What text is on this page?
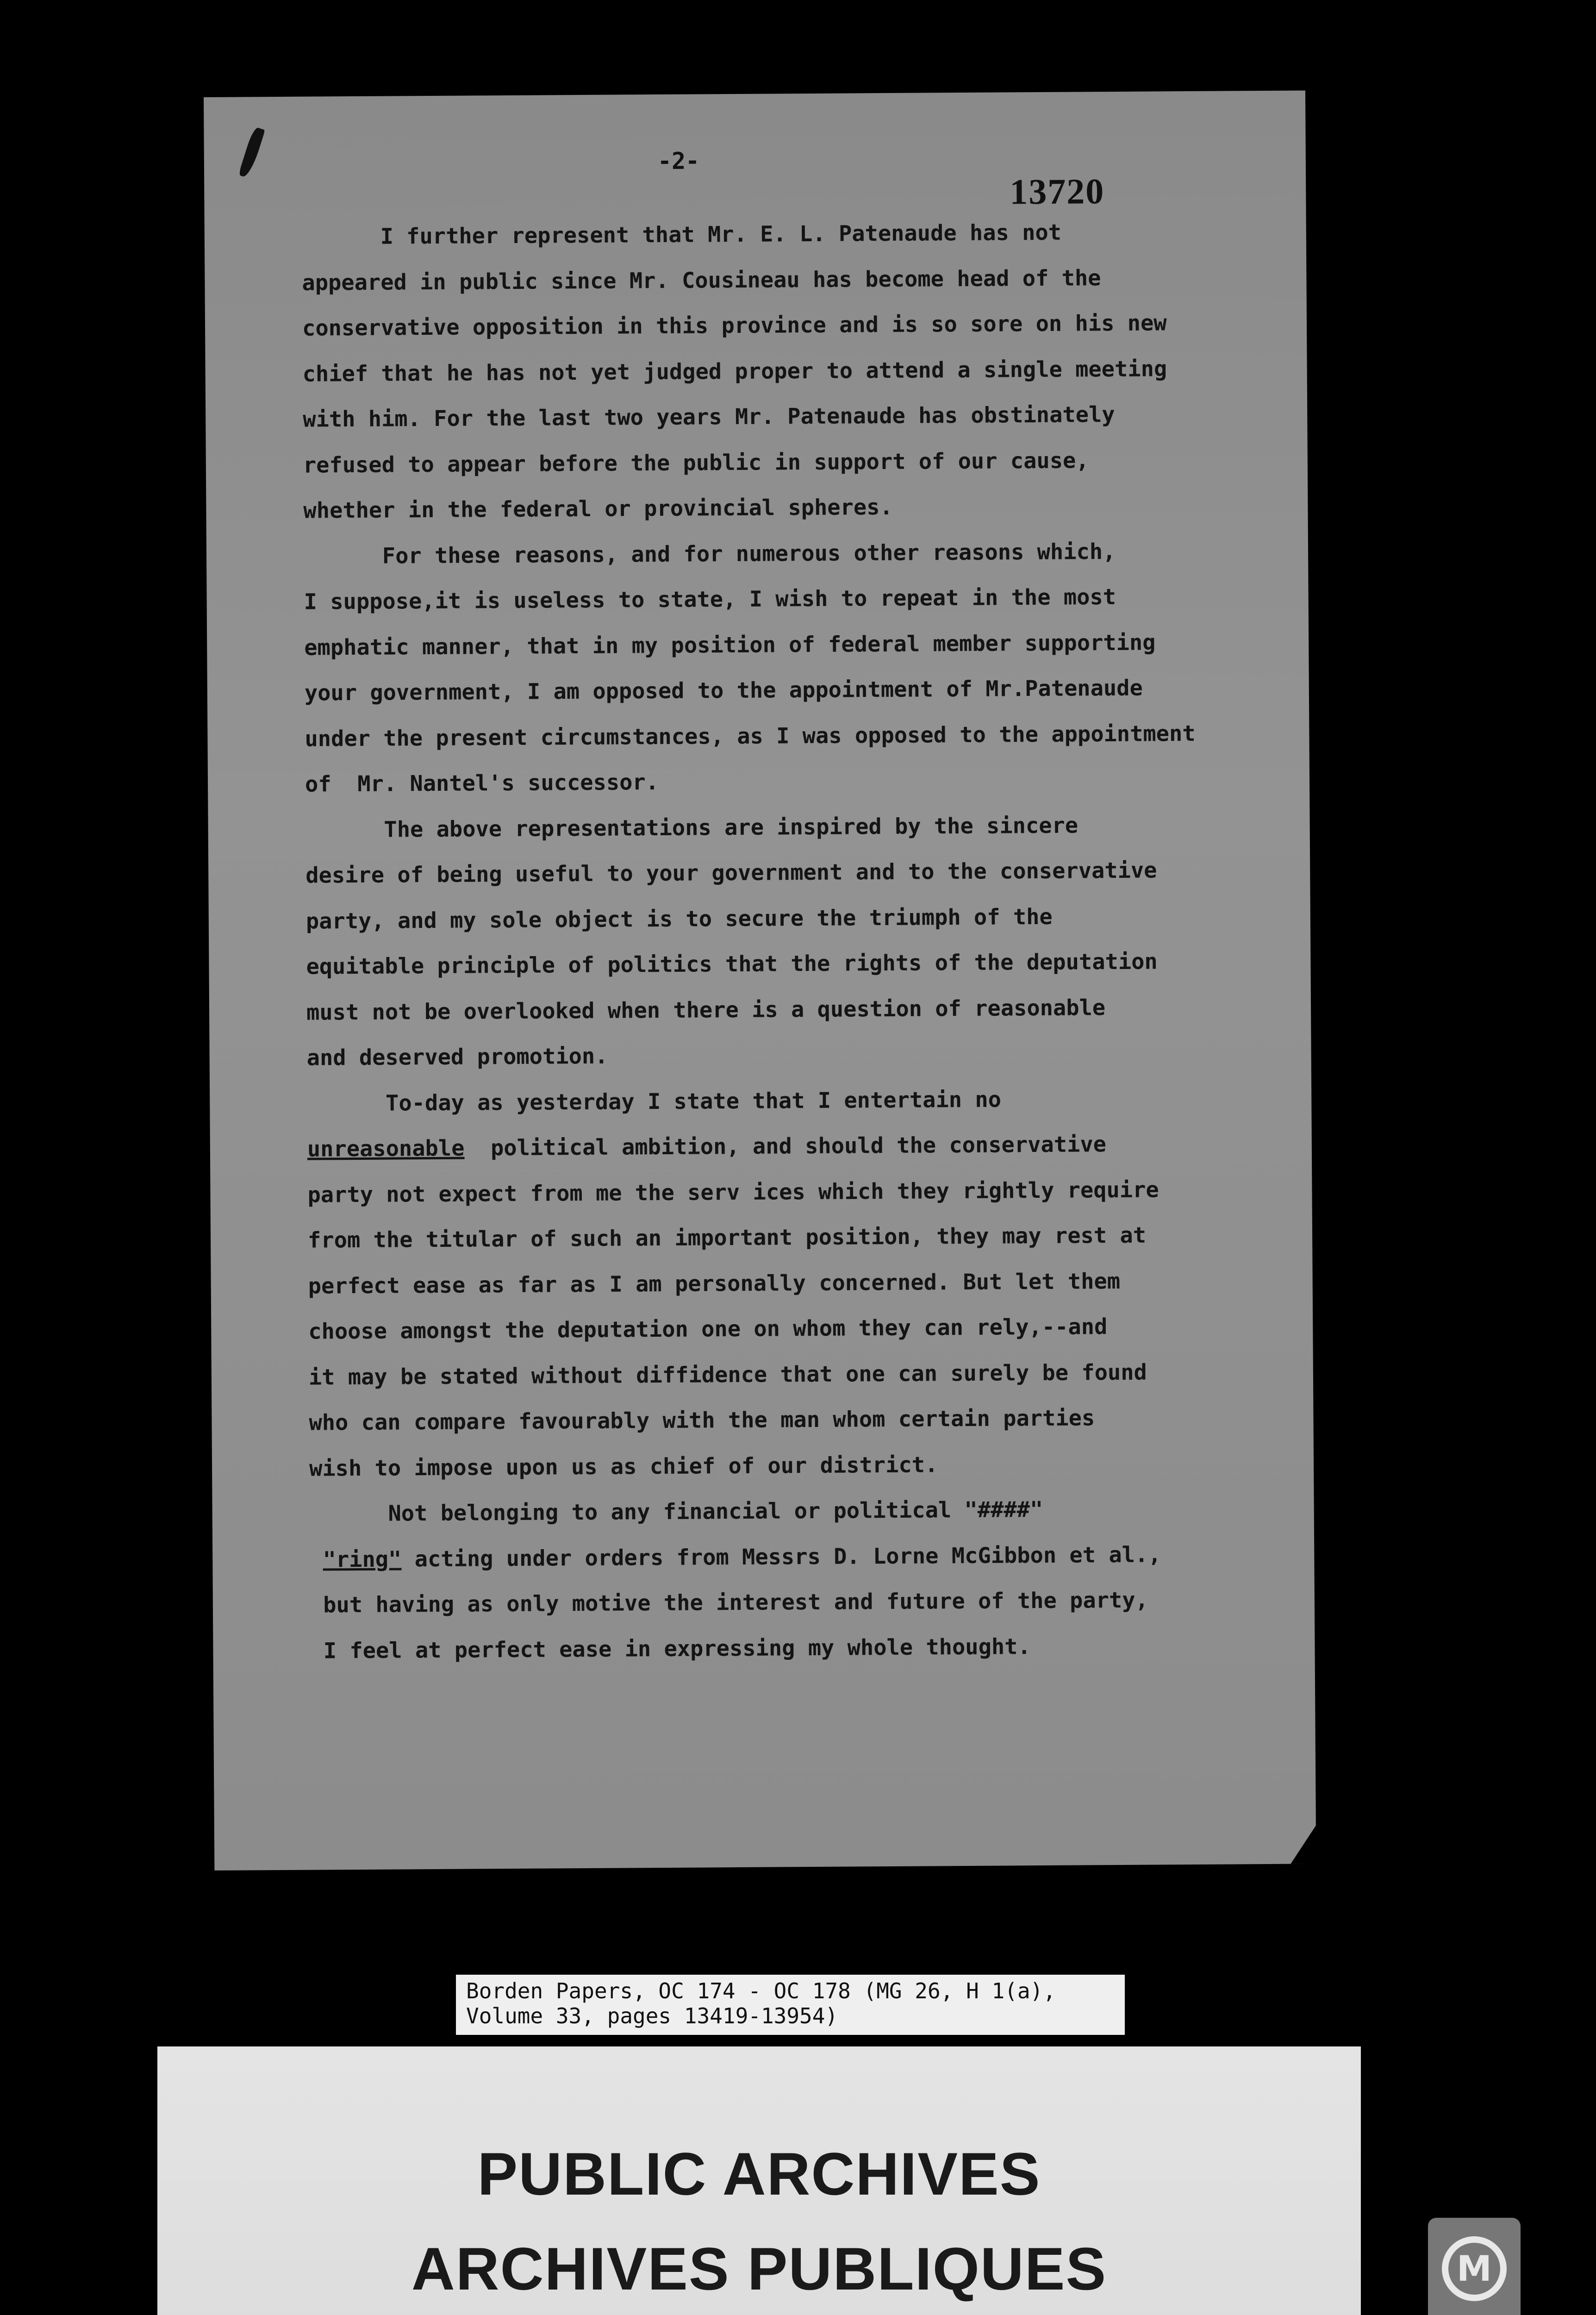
-2-
13720

I further represent that Mr. E. L. Patenaude has not

appeared in public since Mr. Cousineau has become head of the

conservative opposition in this province and is so sore on his new

chief that he has not yet judged proper to attend a single meeting

with him. For the last two years Mr. Patenaude has obstinately

refused to appear before the public in support of our cause,

whether in the federal or provincial spheres.

For these reasons, and for numerous other reasons which,

I suppose,it is useless to state, I wish to repeat in the most

emphatic manner, that in my position of federal member supporting

your government, I am opposed to the appointment of Mr.Patenaude

under the present circumstances, as I was opposed to the appointment

of  Mr. Nantel's successor.

The above representations are inspired by the sincere

desire of being useful to your government and to the conservative

party, and my sole object is to secure the triumph of the

equitable principle of politics that the rights of the deputation

must not be overlooked when there is a question of reasonable

and deserved promotion.

To-day as yesterday I state that I entertain no

unreasonable  political ambition, and should the conservative

party not expect from me the serv ices which they rightly require

from the titular of such an important position, they may rest at

perfect ease as far as I am personally concerned. But let them

choose amongst the deputation one on whom they can rely,--and

it may be stated without diffidence that one can surely be found

who can compare favourably with the man whom certain parties

wish to impose upon us as chief of our district.

Not belonging to any financial or political "####"

"ring" acting under orders from Messrs D. Lorne McGibbon et al.,

but having as only motive the interest and future of the party,

I feel at perfect ease in expressing my whole thought.

Borden Papers, OC 174 - OC 178 (MG 26, H 1(a),
Volume 33, pages 13419-13954)
PUBLIC ARCHIVES
ARCHIVES PUBLIQUES	M
